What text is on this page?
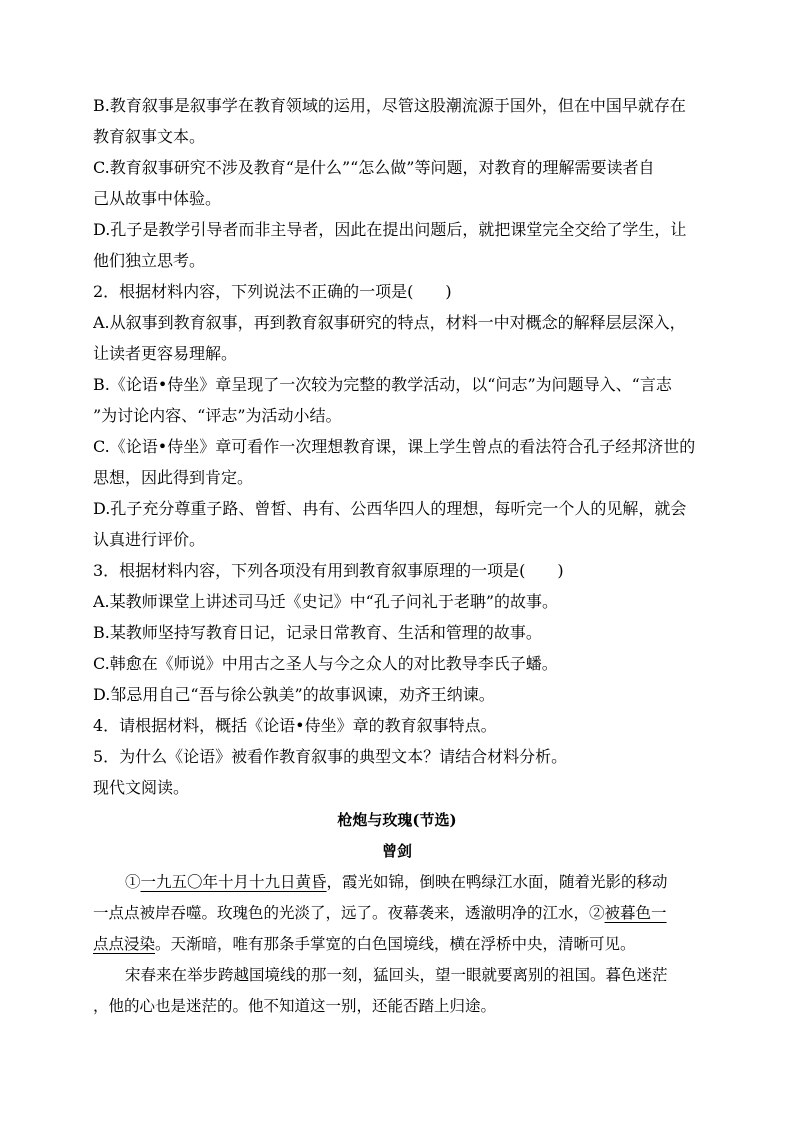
B.教育叙事是叙事学在教育领域的运用，尽管这股潮流源于国外，但在中国早就存在
教育叙事文本。
C.教育叙事研究不涉及教育“是什么”“怎么做”等问题，对教育的理解需要读者自
己从故事中体验。
D.孔子是教学引导者而非主导者，因此在提出问题后，就把课堂完全交给了学生，让
他们独立思考。
2．根据材料内容，下列说法不正确的一项是(　　)
A.从叙事到教育叙事，再到教育叙事研究的特点，材料一中对概念的解释层层深入，
让读者更容易理解。
B.《论语•侍坐》章呈现了一次较为完整的教学活动，以“问志”为问题导入、“言志
”为讨论内容、“评志”为活动小结。
C.《论语•侍坐》章可看作一次理想教育课，课上学生曾点的看法符合孔子经邦济世的
思想，因此得到肯定。
D.孔子充分尊重子路、曾皙、冉有、公西华四人的理想，每听完一个人的见解，就会
认真进行评价。
3．根据材料内容，下列各项没有用到教育叙事原理的一项是(　　)
A.某教师课堂上讲述司马迁《史记》中“孔子问礼于老聃”的故事。
B.某教师坚持写教育日记，记录日常教育、生活和管理的故事。
C.韩愈在《师说》中用古之圣人与今之众人的对比教导李氏子蟠。
D.邹忌用自己“吾与徐公孰美”的故事讽谏，劝齐王纳谏。
4．请根据材料，概括《论语•侍坐》章的教育叙事特点。
5．为什么《论语》被看作教育叙事的典型文本？请结合材料分析。
现代文阅读。
枪炮与玫瑰(节选)
曾剑
①一九五〇年十月十九日黄昏，霞光如锦，倒映在鸭绿江水面，随着光影的移动
一点点被岸吞噬。玫瑰色的光淡了，远了。夜幕袭来，透澈明净的江水，②被暮色一
点点浸染。天渐暗，唯有那条手掌宽的白色国境线，横在浮桥中央，清晰可见。
宋春来在举步跨越国境线的那一刻，猛回头，望一眼就要离别的祖国。暮色迷茫
，他的心也是迷茫的。他不知道这一别，还能否踏上归途。
